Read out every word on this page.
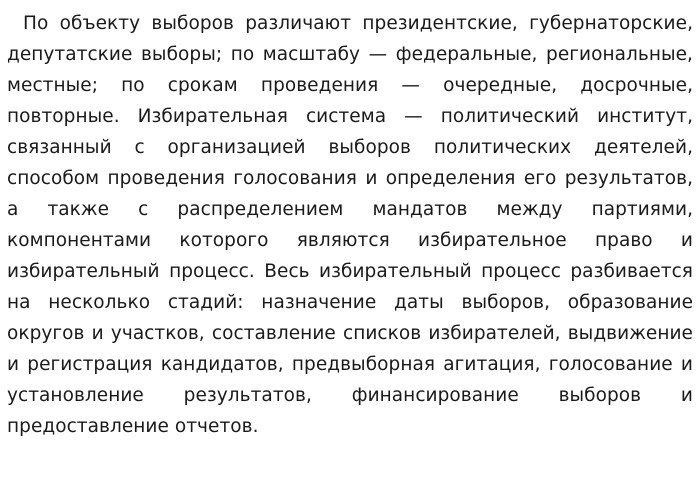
По объекту выборов различают президентские, губернаторские, депутатские выборы; по масштабу — федеральные, региональные, местные; по срокам проведения — очередные, досрочные, повторные. Избирательная система — политический институт, связанный с организацией выборов политических деятелей, способом проведения голосования и определения его результатов, а также с распределением мандатов между партиями, компонентами которого являются избирательное право и избирательный процесс. Весь избирательный процесс разбивается на несколько стадий: назначение даты выборов, образование округов и участков, составление списков избирателей, выдвижение и регистрация кандидатов, предвыборная агитация, голосование и установление результатов, финансирование выборов и предоставление отчетов.
